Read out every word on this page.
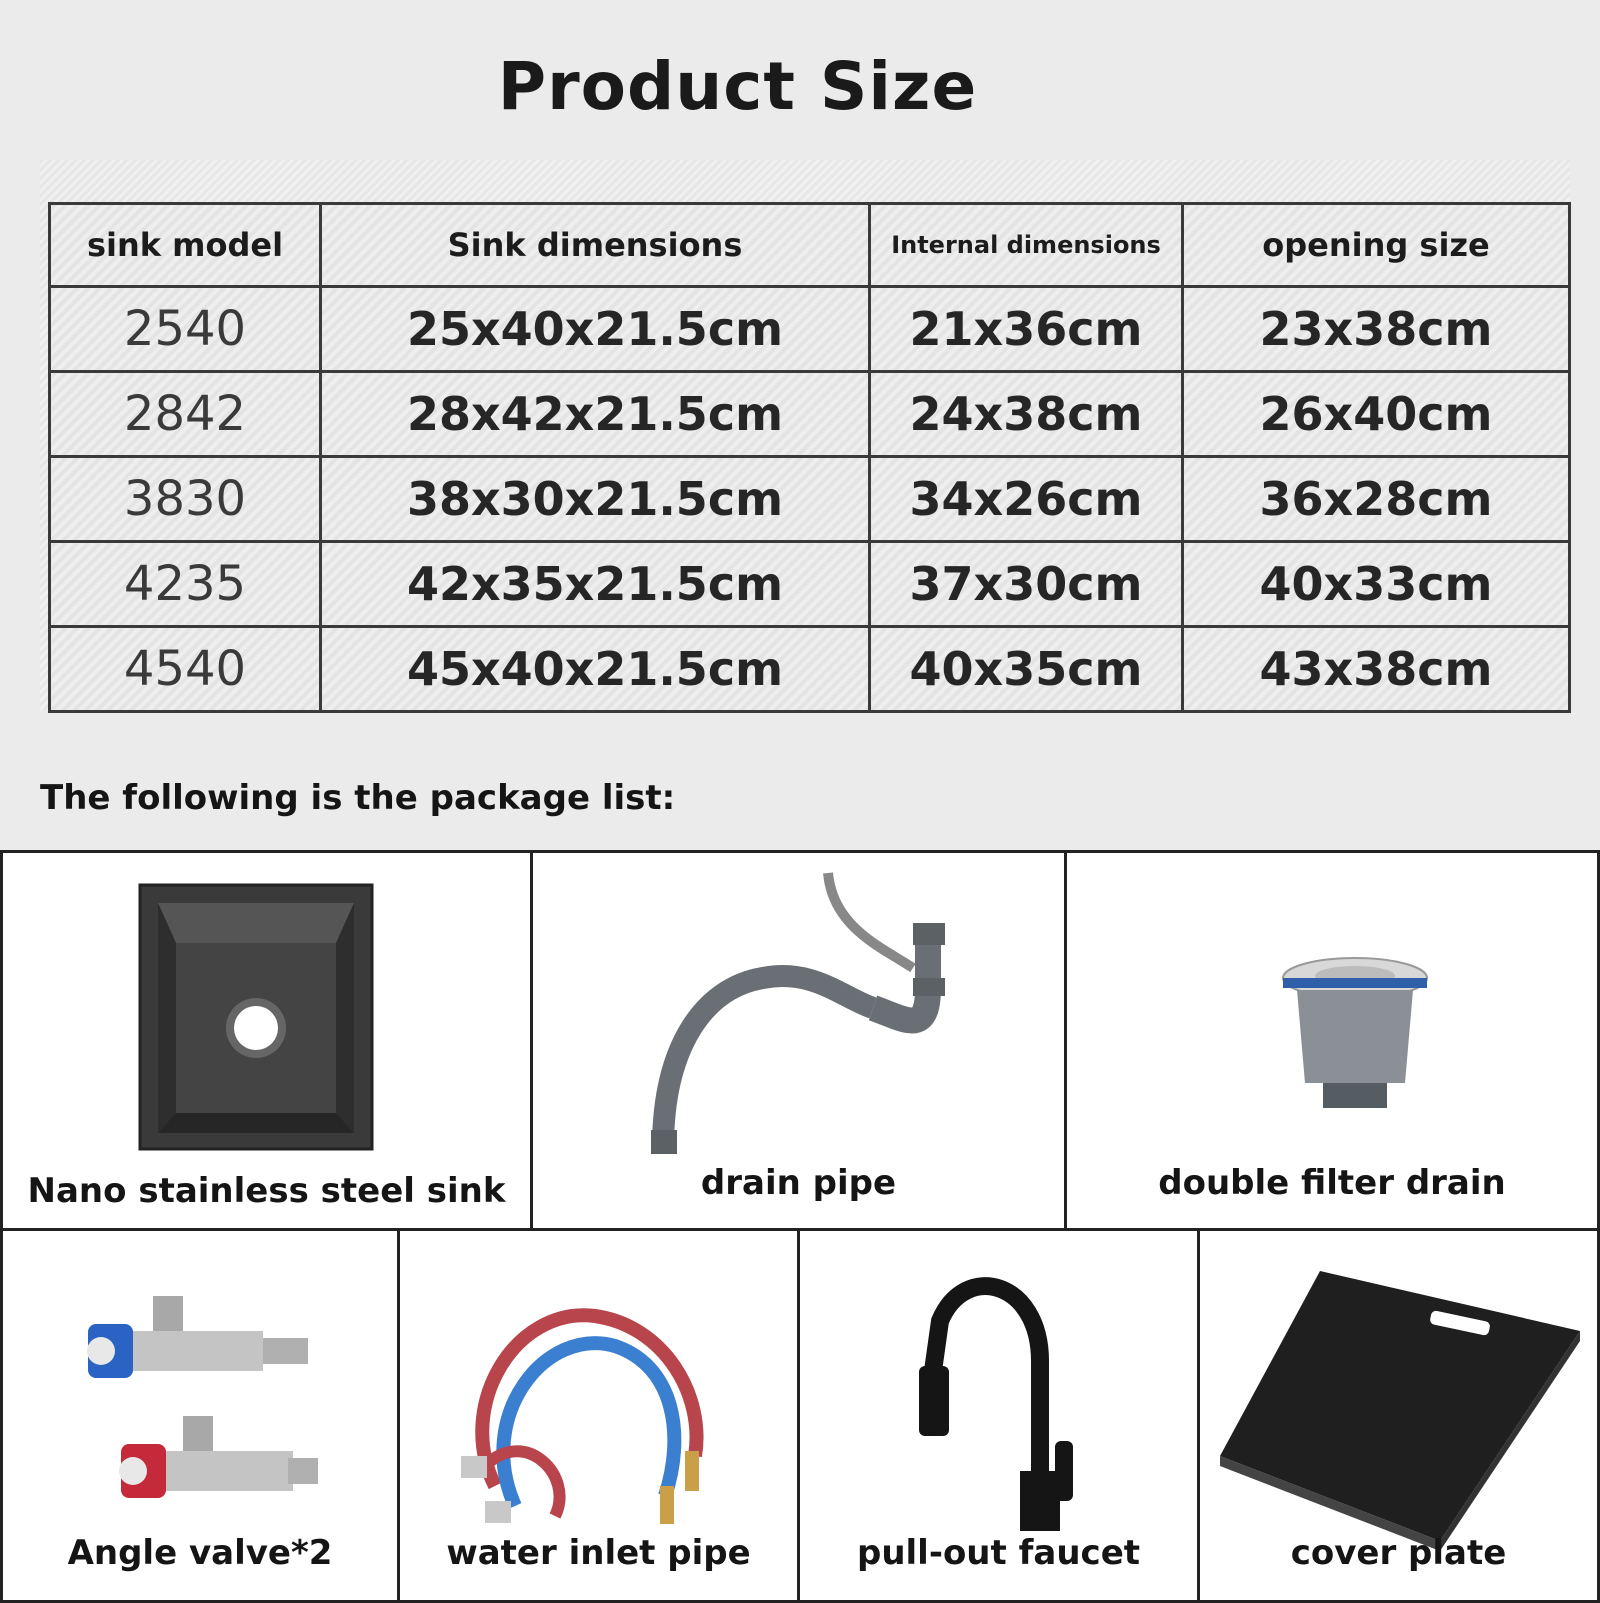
Product Size
sink model	Sink dimensions	Internal dimensions	opening size
2540	25x40x21.5cm	21x36cm	23x38cm
2842	28x42x21.5cm	24x38cm	26x40cm
3830	38x30x21.5cm	34x26cm	36x28cm
4235	42x35x21.5cm	37x30cm	40x33cm
4540	45x40x21.5cm	40x35cm	43x38cm
The following is the package list:
Nano stainless steel sink	drain pipe	double filter drain
Angle valve*2	water inlet pipe	pull-out faucet	cover plate
